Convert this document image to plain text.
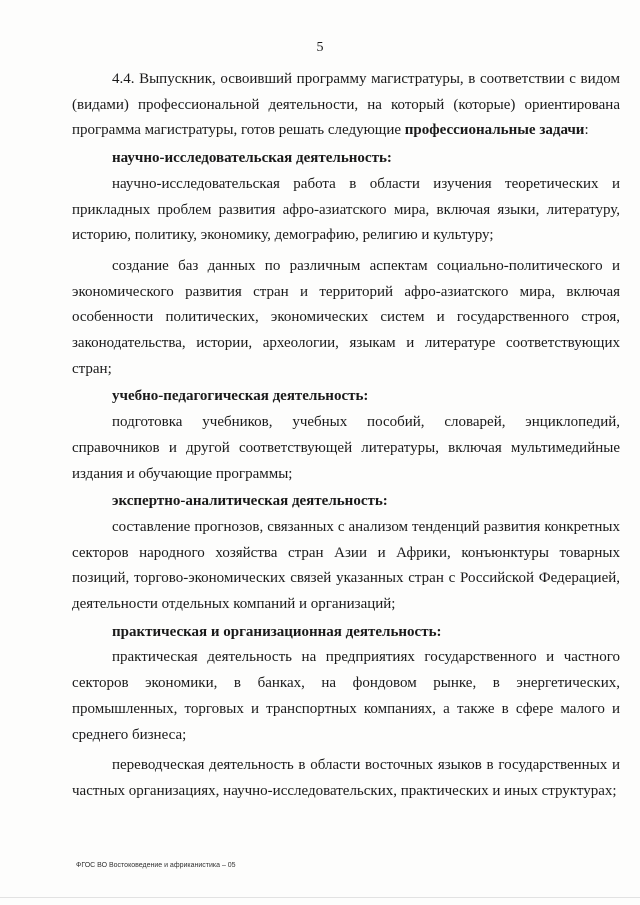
5

4.4. Выпускник, освоивший программу магистратуры, в соответствии с видом (видами) профессиональной деятельности, на который (которые) ориентирована программа магистратуры, готов решать следующие профессиональные задачи:

научно-исследовательская деятельность:

научно-исследовательская работа в области изучения теоретических и прикладных проблем развития афро-азиатского мира, включая языки, литературу, историю, политику, экономику, демографию, религию и культуру;

создание баз данных по различным аспектам социально-политического и экономического развития стран и территорий афро-азиатского мира, включая особенности политических, экономических систем и государственного строя, законодательства, истории, археологии, языкам и литературе соответствующих стран;

учебно-педагогическая деятельность:

подготовка учебников, учебных пособий, словарей, энциклопедий, справочников и другой соответствующей литературы, включая мультимедийные издания и обучающие программы;

экспертно-аналитическая деятельность:

составление прогнозов, связанных с анализом тенденций развития конкретных секторов народного хозяйства стран Азии и Африки, конъюнктуры товарных позиций, торгово-экономических связей указанных стран с Российской Федерацией, деятельности отдельных компаний и организаций;

практическая и организационная деятельность:

практическая деятельность на предприятиях государственного и частного секторов экономики, в банках, на фондовом рынке, в энергетических, промышленных, торговых и транспортных компаниях, а также в сфере малого и среднего бизнеса;

переводческая деятельность в области восточных языков в государственных и частных организациях, научно-исследовательских, практических и иных структурах;

ФГОС ВО Востоковедение и африканистика – 05
